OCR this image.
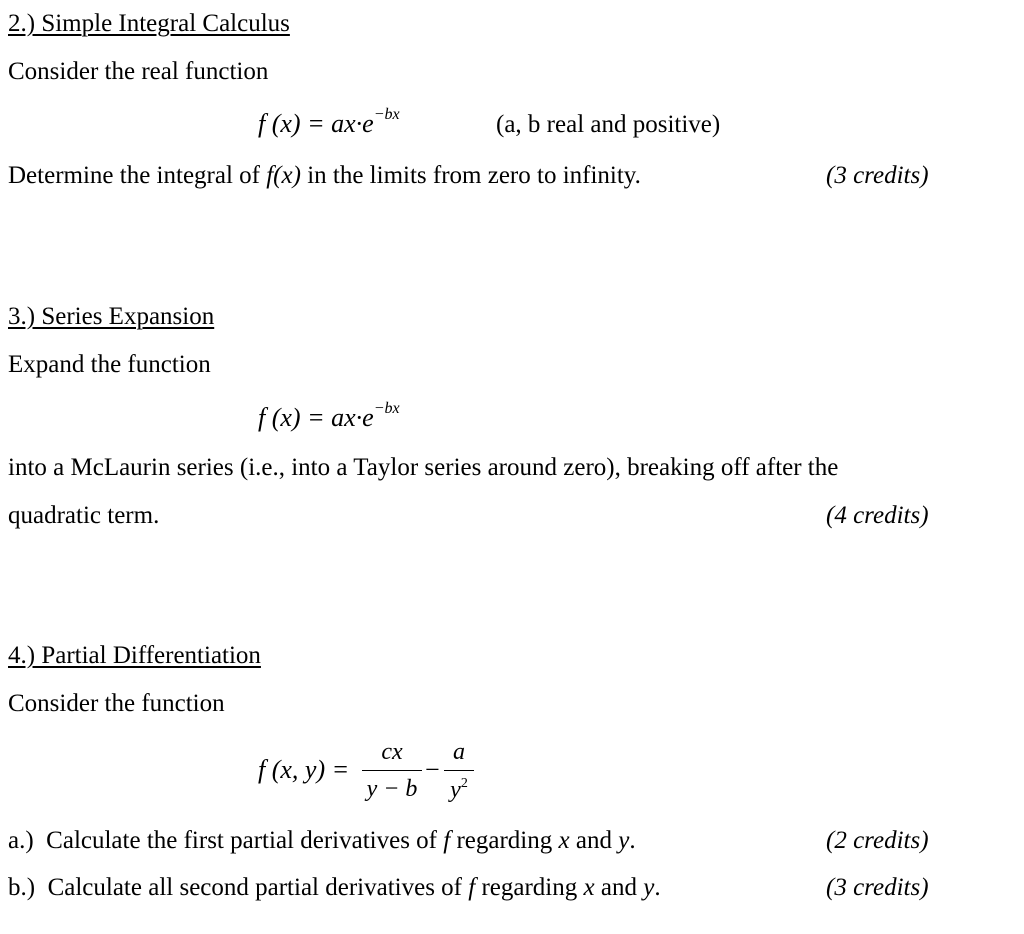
2.) Simple Integral Calculus
Consider the real function
f $(x) = ax\cdot e^{-bx}$	(a, b real and positive)
Determine the integral of f(x) in the limits from zero to infinity.	(3 credits)
3.) Series Expansion
Expand the function
f $(x) = ax\cdot e^{-bx}$
into a McLaurin series (i.e., into a Taylor series around zero), breaking off after the
quadratic term.	(4 credits)
4.) Partial Differentiation
Consider the function
f (x, $y) = \frac{cx}{y - b} - \frac{a}{y^2}$
a.) Calculate the first partial derivatives of f regarding x and y.	(2 credits)
b.) Calculate all second partial derivatives of f regarding x and y.	(3 credits)
